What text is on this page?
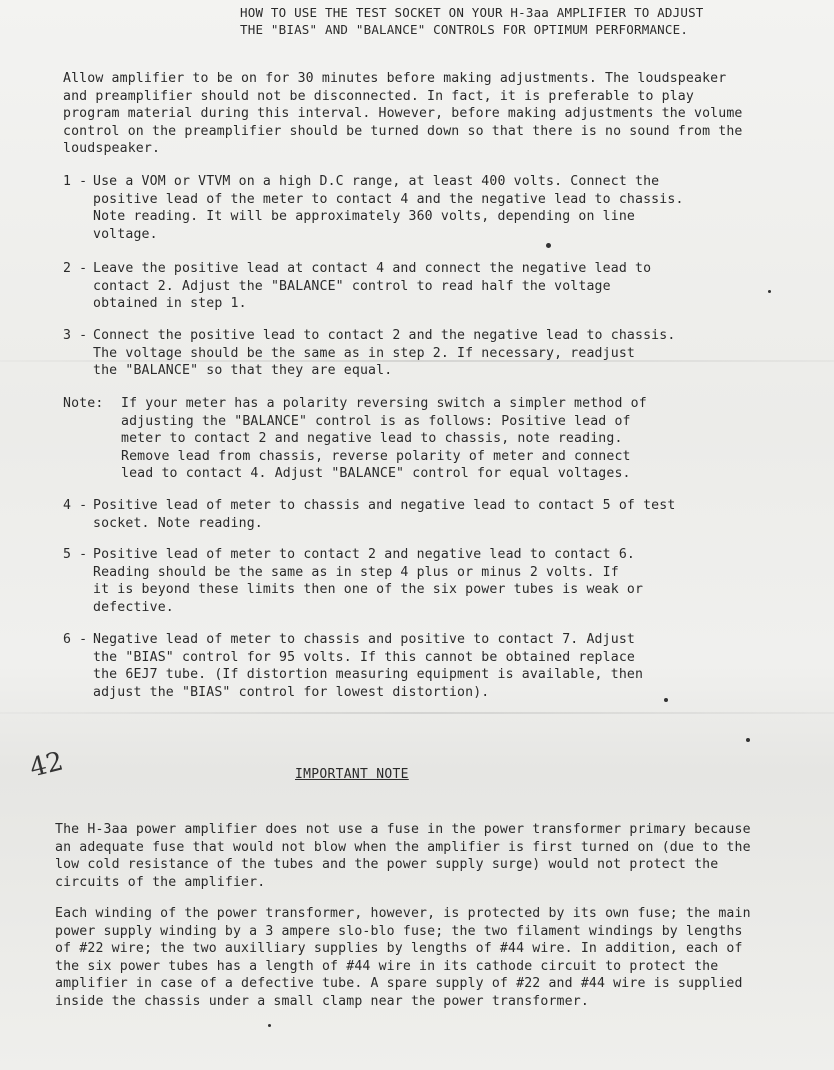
HOW TO USE THE TEST SOCKET ON YOUR H-3aa AMPLIFIER TO ADJUST
THE "BIAS" AND "BALANCE" CONTROLS FOR OPTIMUM PERFORMANCE.
Allow amplifier to be on for 30 minutes before making adjustments. The loudspeaker
and preamplifier should not be disconnected. In fact, it is preferable to play
program material during this interval. However, before making adjustments the volume
control on the preamplifier should be turned down so that there is no sound from the
loudspeaker.
1 - Use a VOM or VTVM on a high D.C range, at least 400 volts. Connect the
positive lead of the meter to contact 4 and the negative lead to chassis.
Note reading. It will be approximately 360 volts, depending on line
voltage.
2 - Leave the positive lead at contact 4 and connect the negative lead to
contact 2. Adjust the "BALANCE" control to read half the voltage
obtained in step 1.
3 - Connect the positive lead to contact 2 and the negative lead to chassis.
The voltage should be the same as in step 2. If necessary, readjust
the "BALANCE" so that they are equal.
Note: If your meter has a polarity reversing switch a simpler method of
adjusting the "BALANCE" control is as follows: Positive lead of
meter to contact 2 and negative lead to chassis, note reading.
Remove lead from chassis, reverse polarity of meter and connect
lead to contact 4. Adjust "BALANCE" control for equal voltages.
4 - Positive lead of meter to chassis and negative lead to contact 5 of test
socket. Note reading.
5 - Positive lead of meter to contact 2 and negative lead to contact 6.
Reading should be the same as in step 4 plus or minus 2 volts. If
it is beyond these limits then one of the six power tubes is weak or
defective.
6 - Negative lead of meter to chassis and positive to contact 7. Adjust
the "BIAS" control for 95 volts. If this cannot be obtained replace
the 6EJ7 tube. (If distortion measuring equipment is available, then
adjust the "BIAS" control for lowest distortion).
42	IMPORTANT NOTE
The H-3aa power amplifier does not use a fuse in the power transformer primary because
an adequate fuse that would not blow when the amplifier is first turned on (due to the
low cold resistance of the tubes and the power supply surge) would not protect the
circuits of the amplifier.
Each winding of the power transformer, however, is protected by its own fuse; the main
power supply winding by a 3 ampere slo-blo fuse; the two filament windings by lengths
of #22 wire; the two auxilliary supplies by lengths of #44 wire. In addition, each of
the six power tubes has a length of #44 wire in its cathode circuit to protect the
amplifier in case of a defective tube. A spare supply of #22 and #44 wire is supplied
inside the chassis under a small clamp near the power transformer.
